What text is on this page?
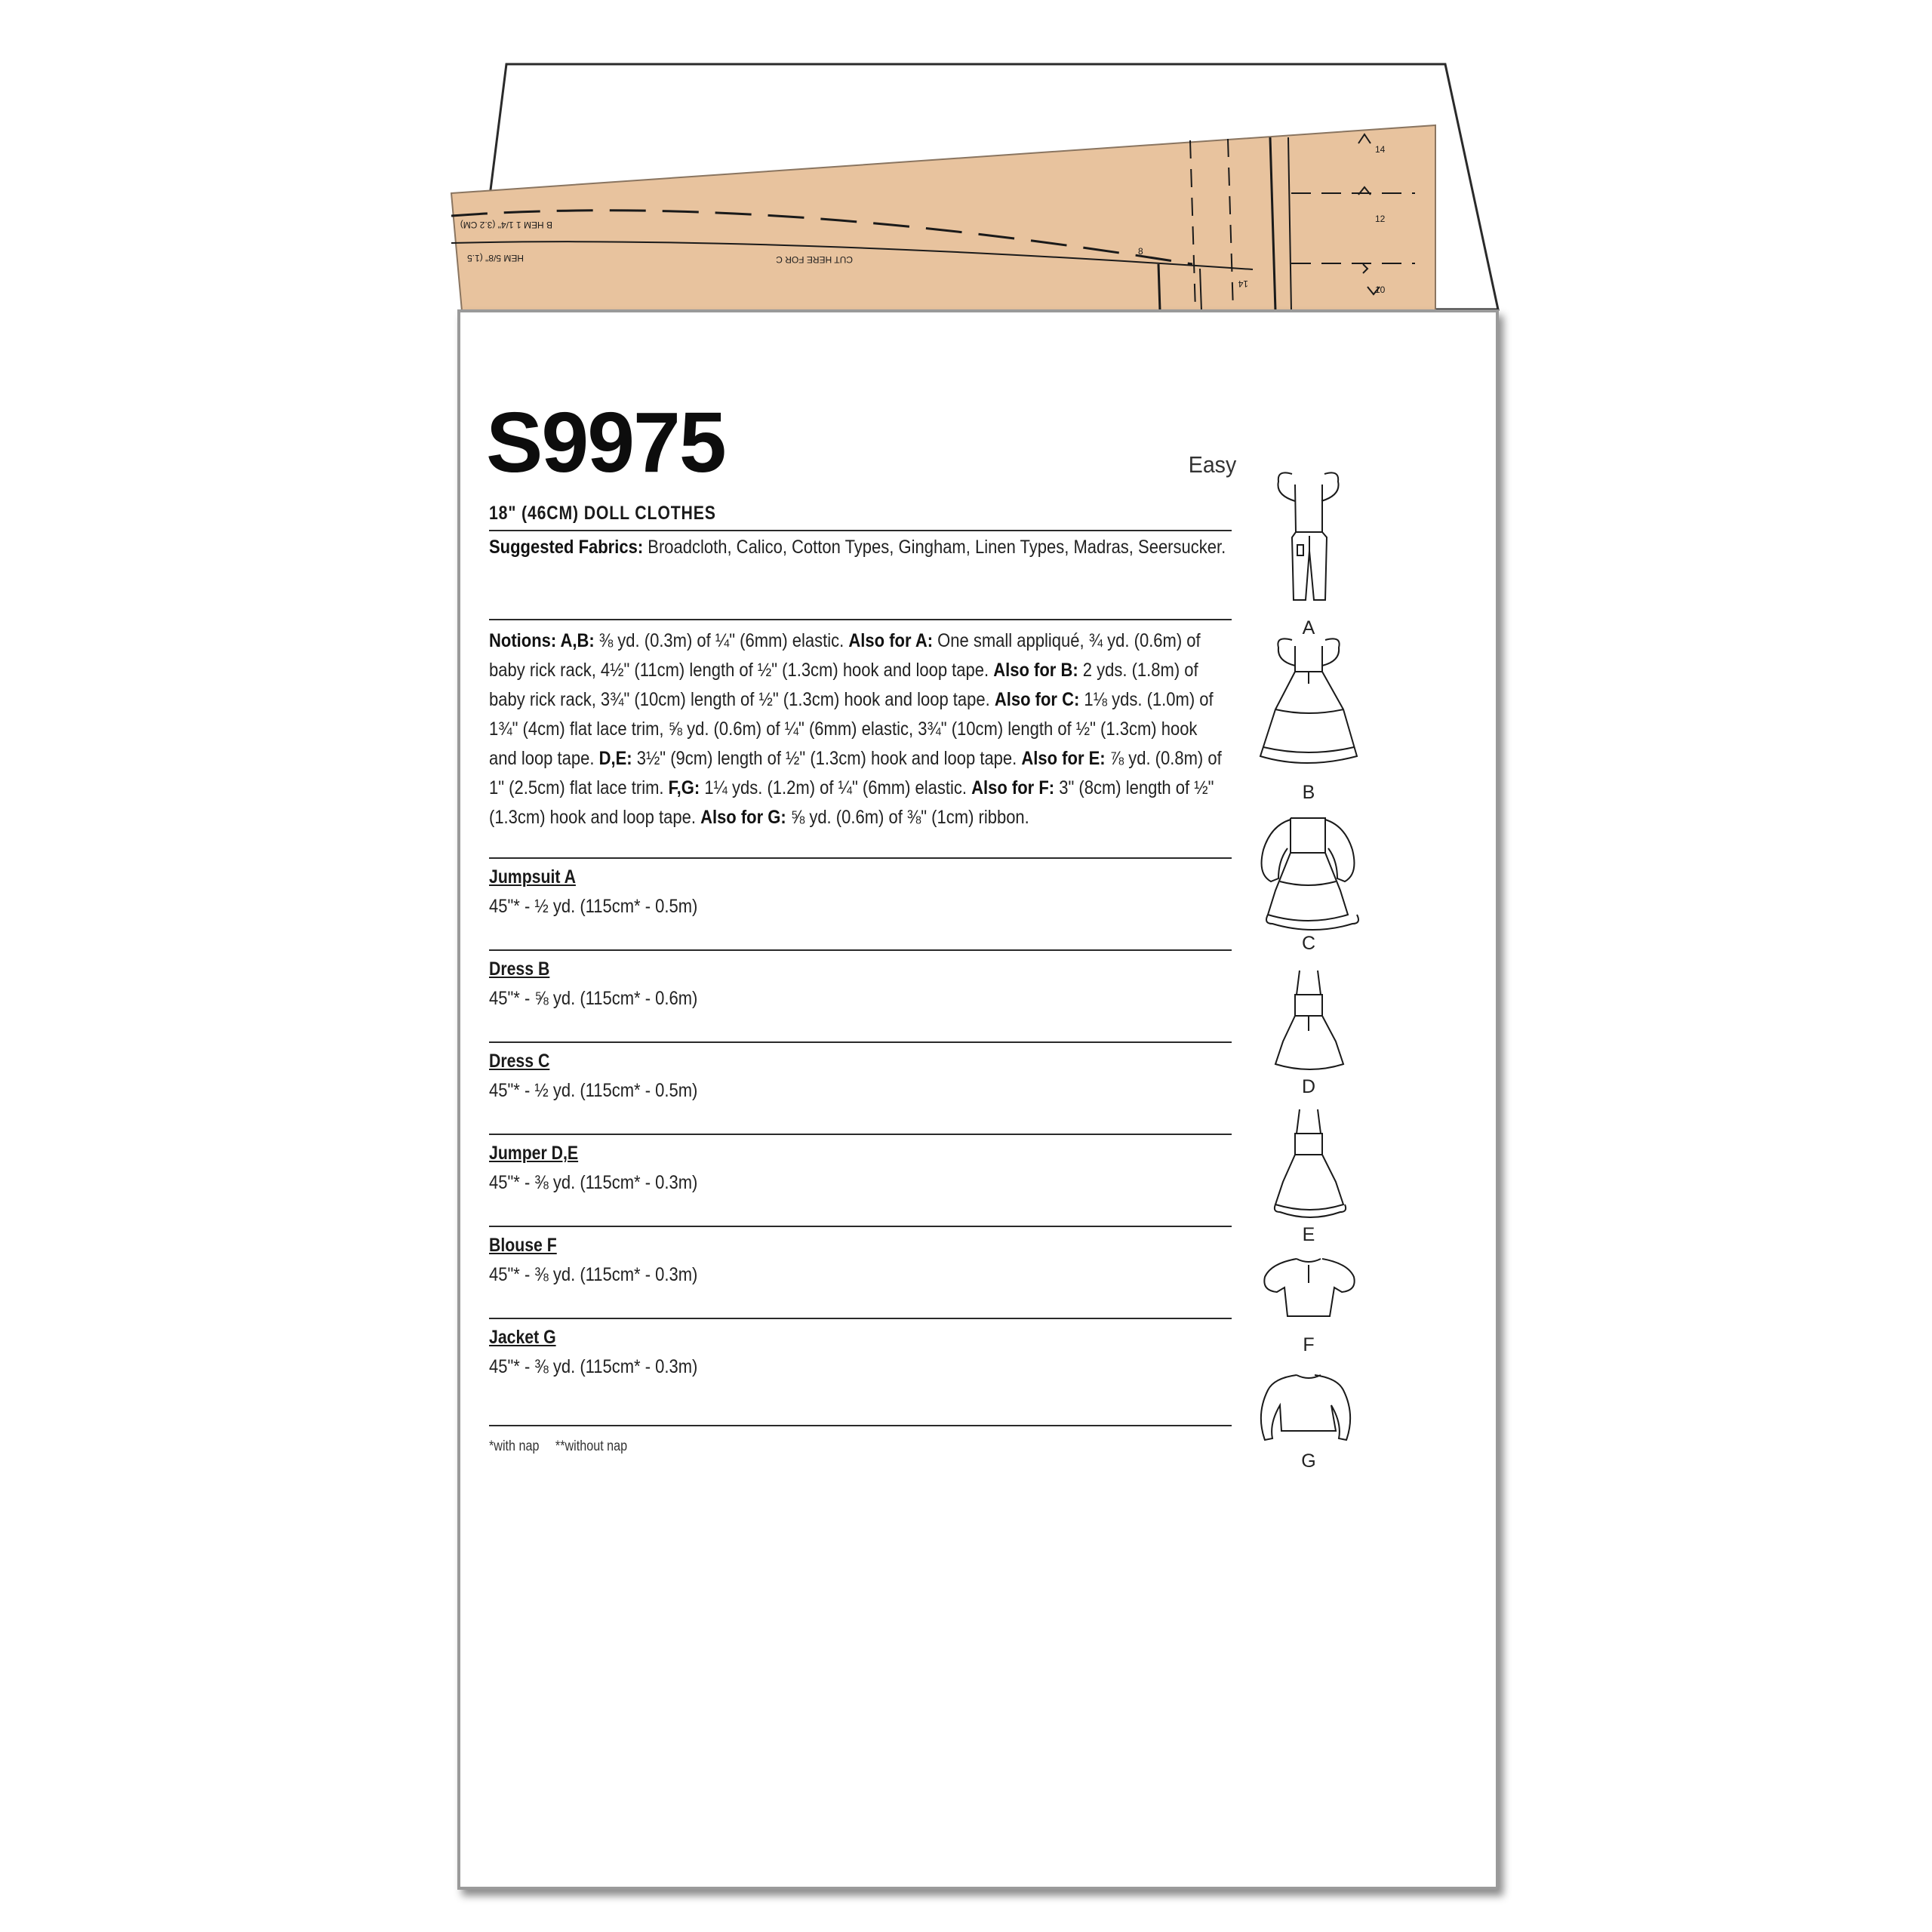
B HEM 1 1/4" (3.2 CM)
HEM 5/8" (1.5	CUT HERE FOR C
8
14
14
12
10
S9975	Easy
18" (46CM) DOLL CLOTHES
Suggested Fabrics: Broadcloth, Calico, Cotton Types, Gingham, Linen Types, Madras, Seersucker.
Notions: A,B: ⅜ yd. (0.3m) of ¼" (6mm) elastic. Also for A: One small appliqué, ¾ yd. (0.6m) of baby rick rack, 4½" (11cm) length of ½" (1.3cm) hook and loop tape. Also for B: 2 yds. (1.8m) of baby rick rack, 3¾" (10cm) length of ½" (1.3cm) hook and loop tape. Also for C: 1⅛ yds. (1.0m) of 1¾" (4cm) flat lace trim, ⅝ yd. (0.6m) of ¼" (6mm) elastic, 3¾" (10cm) length of ½" (1.3cm) hook and loop tape. D,E: 3½" (9cm) length of ½" (1.3cm) hook and loop tape. Also for E: ⅞ yd. (0.8m) of 1" (2.5cm) flat lace trim. F,G: 1¼ yds. (1.2m) of ¼" (6mm) elastic. Also for F: 3" (8cm) length of ½" (1.3cm) hook and loop tape. Also for G: ⅝ yd. (0.6m) of ⅜" (1cm) ribbon.
Jumpsuit A
45"* - ½ yd. (115cm* - 0.5m)
Dress B
45"* - ⅝ yd. (115cm* - 0.6m)
Dress C
45"* - ½ yd. (115cm* - 0.5m)
Jumper D,E
45"* - ⅜ yd. (115cm* - 0.3m)
Blouse F
45"* - ⅜ yd. (115cm* - 0.3m)
Jacket G
45"* - ⅜ yd. (115cm* - 0.3m)
*with nap **without nap
A
B
C
D
E
F
G
